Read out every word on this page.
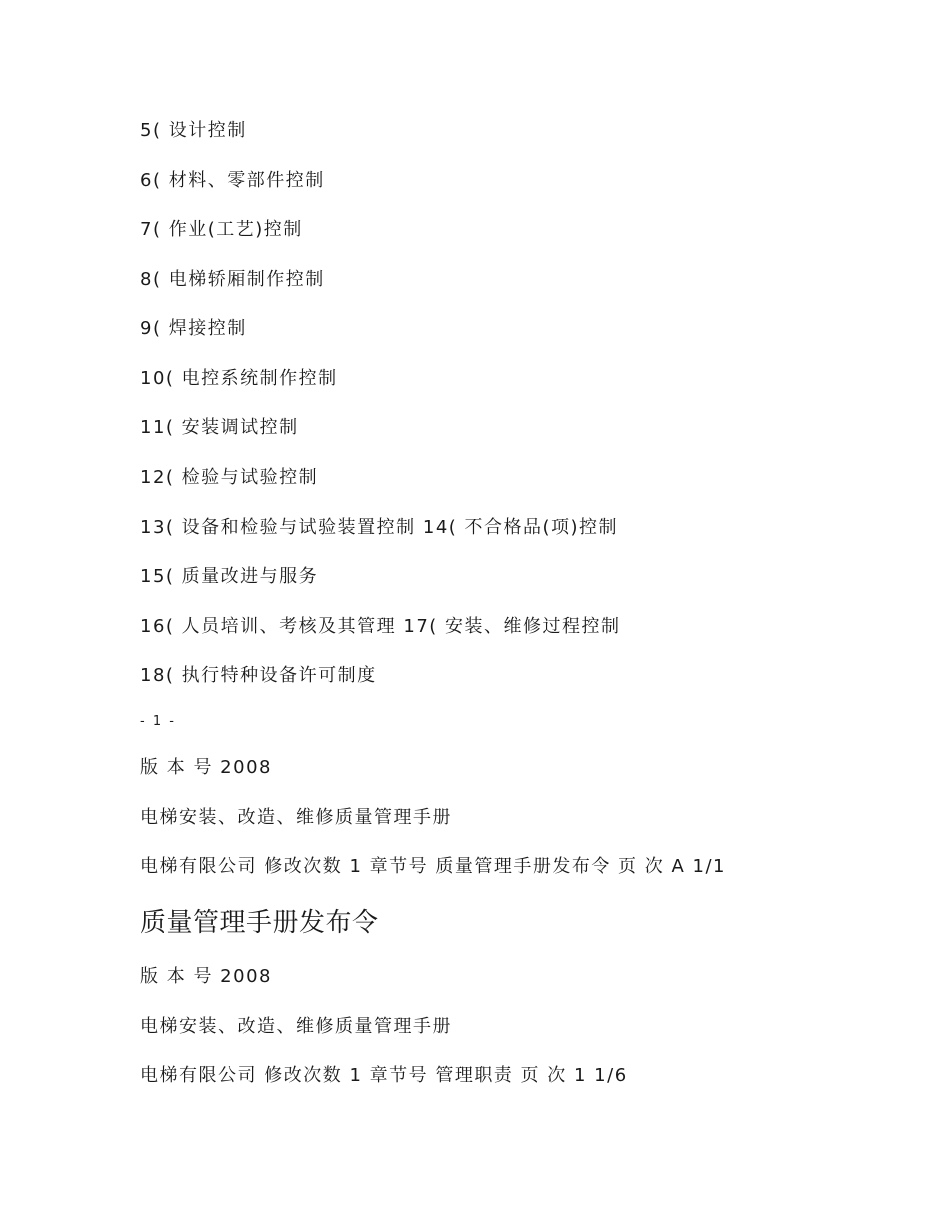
5( 设计控制
6( 材料、零部件控制
7( 作业(工艺)控制
8( 电梯轿厢制作控制
9( 焊接控制
10( 电控系统制作控制
11( 安装调试控制
12( 检验与试验控制
13( 设备和检验与试验装置控制 14( 不合格品(项)控制
15( 质量改进与服务
16( 人员培训、考核及其管理 17( 安装、维修过程控制
18( 执行特种设备许可制度
- 1 -
版 本 号 2008
电梯安装、改造、维修质量管理手册
电梯有限公司 修改次数 1 章节号 质量管理手册发布令 页 次 A 1/1
质量管理手册发布令
版 本 号 2008
电梯安装、改造、维修质量管理手册
电梯有限公司 修改次数 1 章节号 管理职责 页 次 1 1/6
